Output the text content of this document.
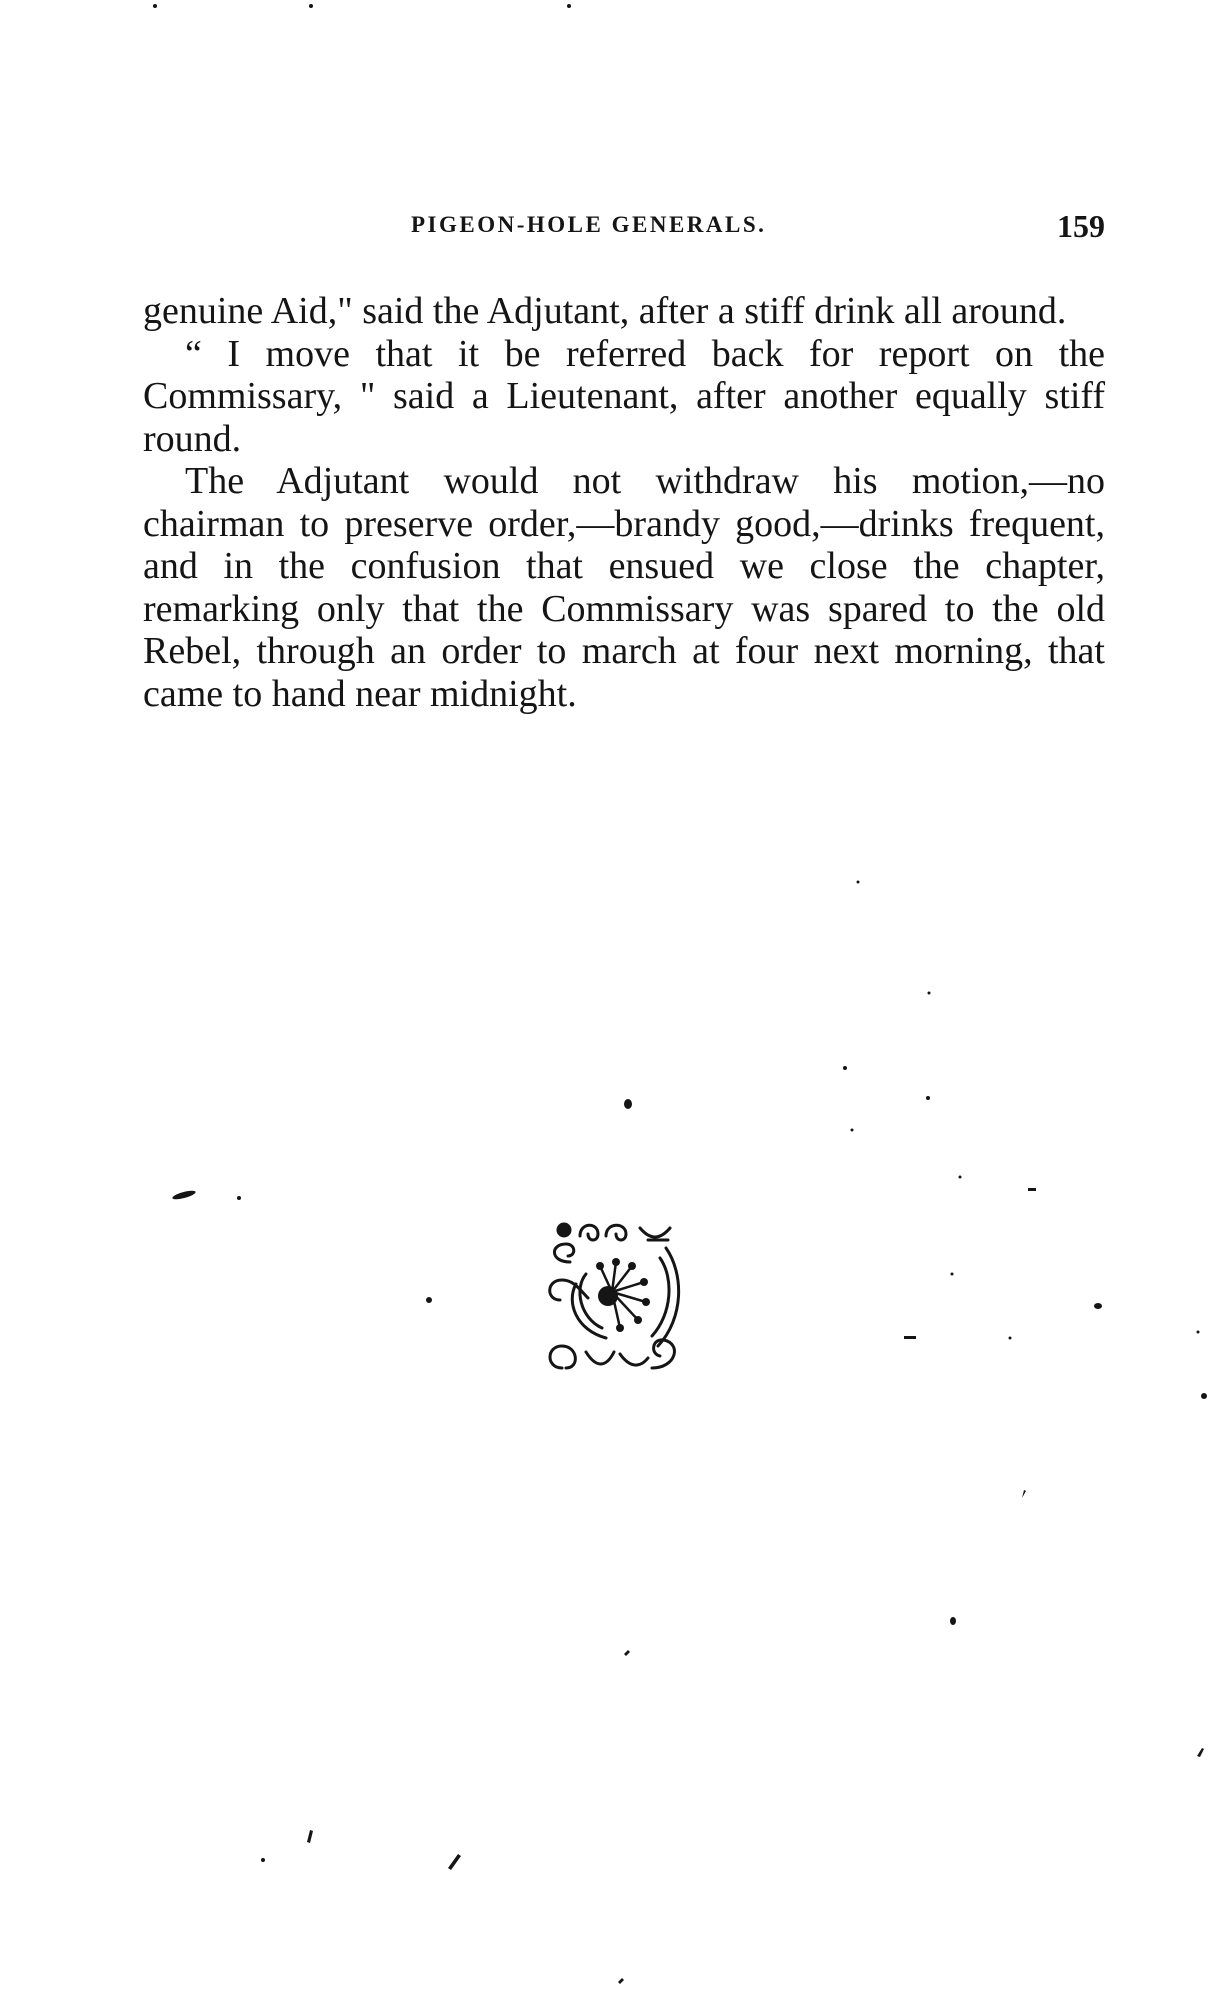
PIGEON-HOLE GENERALS.	159

genuine Aid," said the Adjutant, after a stiff drink all around.

“ I move that it be referred back for report on the Commissary, " said a Lieutenant, after another equally stiff round.

The Adjutant would not withdraw his motion,—no chairman to preserve order,—brandy good,—drinks frequent, and in the confusion that ensued we close the chapter, remarking only that the Commissary was spared to the old Rebel, through an order to march at four next morning, that came to hand near midnight.
